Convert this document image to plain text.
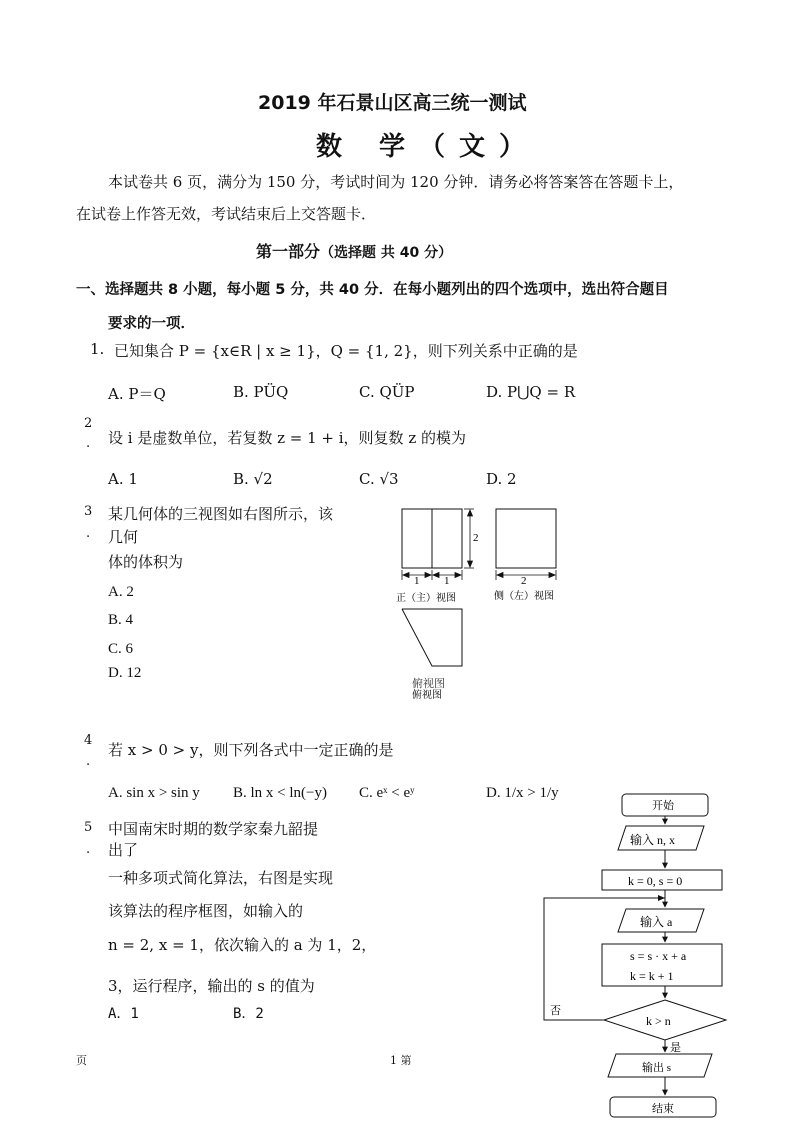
2019 年石景山区高三统一测试
数 学（文）
本试卷共 6 页，满分为 150 分，考试时间为 120 分钟．请务必将答案答在答题卡上，
在试卷上作答无效，考试结束后上交答题卡．
第一部分（选择题 共 40 分）
一、选择题共 8 小题，每小题 5 分，共 40 分．在每小题列出的四个选项中，选出符合题目
要求的一项．
1. 已知集合 P = {x∈R | x ≥ 1}，Q = {1, 2}，则下列关系中正确的是
A. P＝Q	B. PÜQ	C. QÜP	D. P⋃Q = R
2
. 设 i 是虚数单位，若复数 z = 1 + i，则复数 z 的模为
A. 1	B. √2	C. √3	D. 2
3
.
某几何体的三视图如右图所示，该
几何
体的体积为
A. 2
B. 4
C. 6
D. 12
2
1 1
正（主）视图
2
侧（左）视图
俯视图
俯视图
4
.
若 x > 0 > y，则下列各式中一定正确的是
A. sin x > sin y B. ln x < ln(−y) C. eˣ < eʸ	D. 1/x > 1/y
5
.
中国南宋时期的数学家秦九韶提
出了
一种多项式简化算法，右图是实现
该算法的程序框图，如输入的
n = 2, x = 1，依次输入的 a 为 1，2，
3，运行程序，输出的 s 的值为
A．1	B．2
开始
输入 n, x
k = 0, s = 0
输入 a
s = s · x + a
k = k + 1
k > n
否
是
输出 s
结束
页	1 第
